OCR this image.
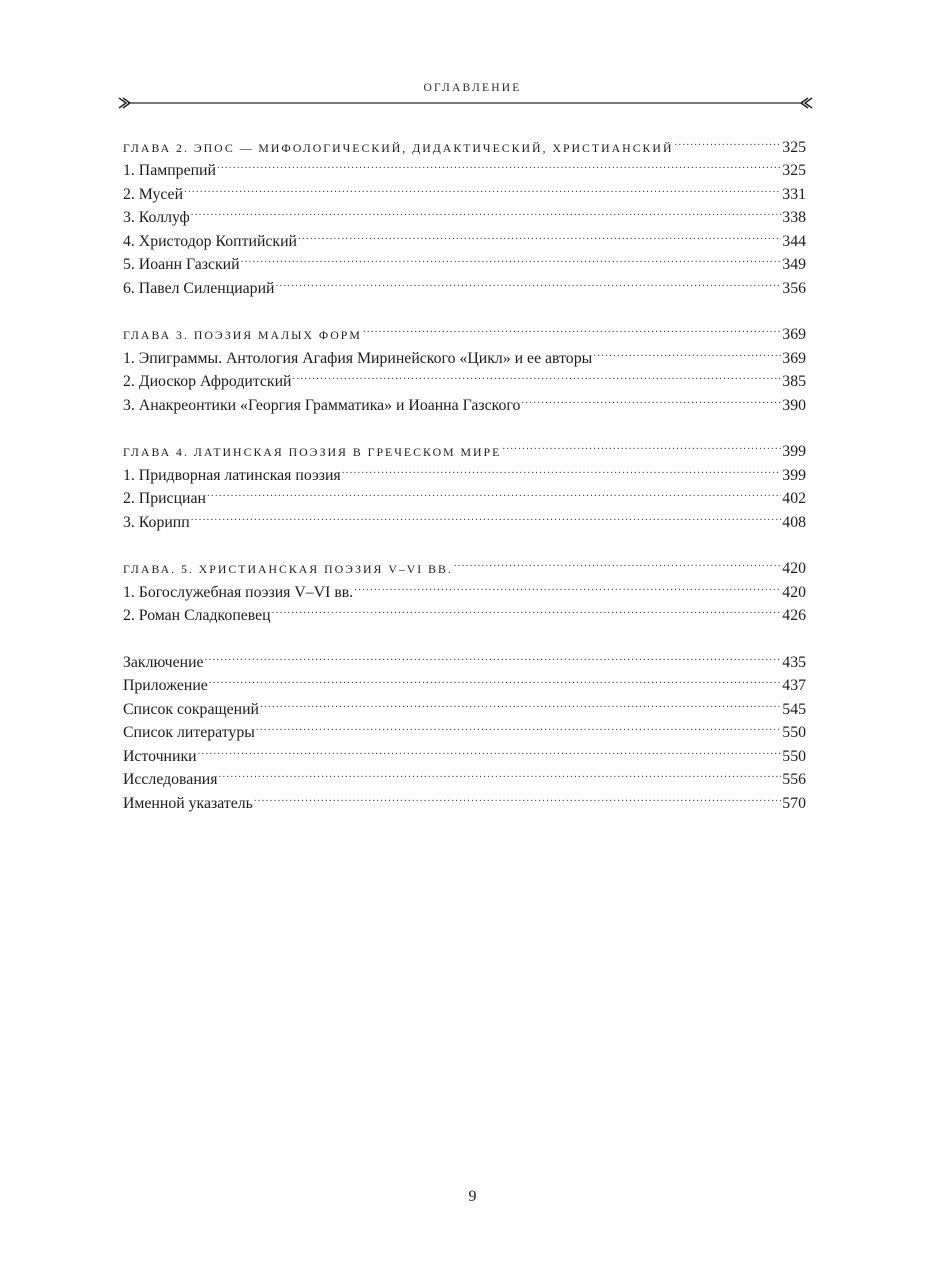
ОГЛАВЛЕНИЕ
ГЛАВА 2. ЭПОС — МИФОЛОГИЧЕСКИЙ, ДИДАКТИЧЕСКИЙ, ХРИСТИАНСКИЙ .....	325
1. Пампрепий .....	325
2. Мусей .....	331
3. Коллуф .....	338
4. Христодор Коптийский .....	344
5. Иоанн Газский .....	349
6. Павел Силенциарий .....	356
ГЛАВА 3. ПОЭЗИЯ МАЛЫХ ФОРМ .....	369
1. Эпиграммы. Антология Агафия Миринейского «Цикл» и ее авторы .....	369
2. Диоскор Афродитский .....	385
3. Анакреонтики «Георгия Грамматика» и Иоанна Газского .....	390
ГЛАВА 4. ЛАТИНСКАЯ ПОЭЗИЯ В ГРЕЧЕСКОМ МИРЕ .....	399
1. Придворная латинская поэзия .....	399
2. Присциан .....	402
3. Корипп .....	408
ГЛАВА. 5. ХРИСТИАНСКАЯ ПОЭЗИЯ V–VI ВВ. .....	420
1. Богослужебная поэзия V–VI вв. .....	420
2. Роман Сладкопевец .....	426
Заключение .....	435
Приложение .....	437
Список сокращений .....	545
Список литературы .....	550
Источники .....	550
Исследования .....	556
Именной указатель .....	570
9
